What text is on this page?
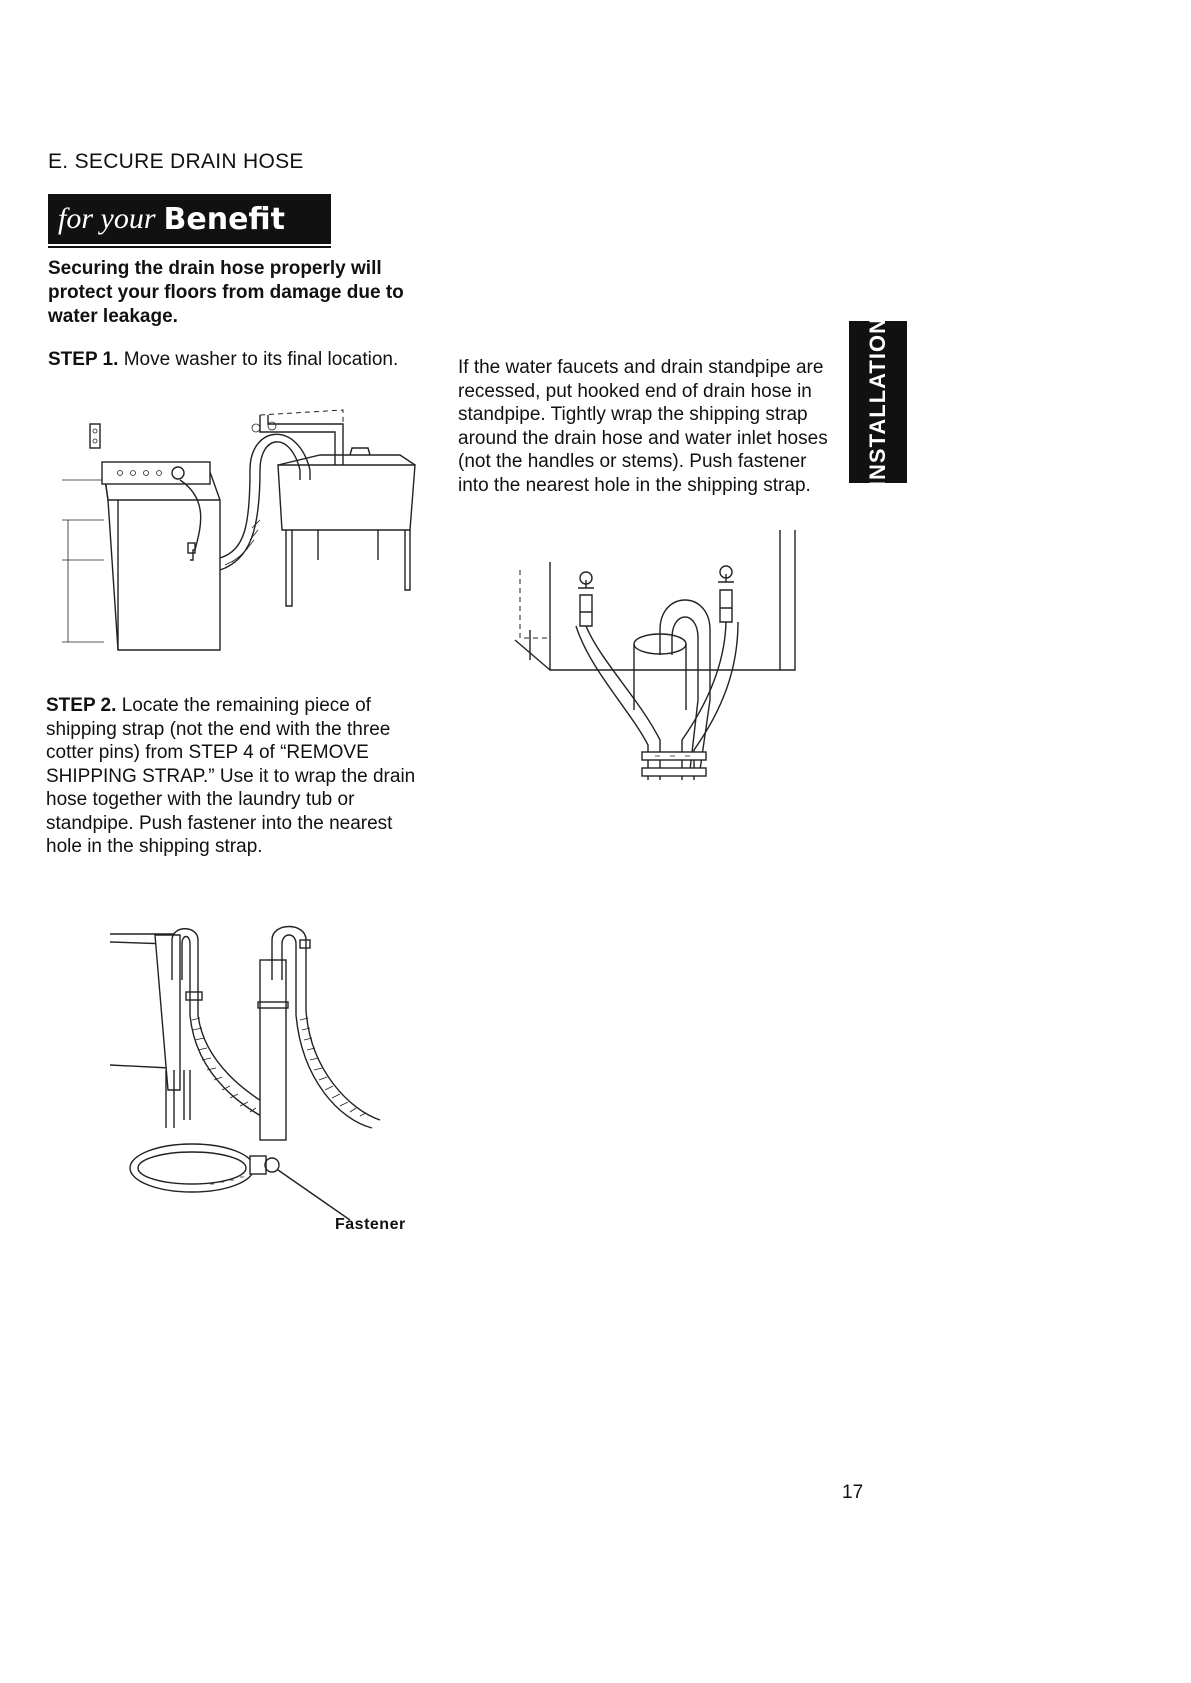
E. SECURE DRAIN HOSE
for your Benefit
Securing the drain hose properly will protect your floors from damage due to water leakage.
STEP 1. Move washer to its final location.
STEP 2. Locate the remaining piece of shipping strap (not the end with the three cotter pins) from STEP 4 of “REMOVE SHIPPING STRAP.” Use it to wrap the drain hose together with the laundry tub or standpipe. Push fastener into the nearest hole in the shipping strap.
Fastener
If the water faucets and drain standpipe are recessed, put hooked end of drain hose in standpipe. Tightly wrap the shipping strap around the drain hose and water inlet hoses (not the handles or stems). Push fastener into the nearest hole in the shipping strap.	INSTALLATION
17
